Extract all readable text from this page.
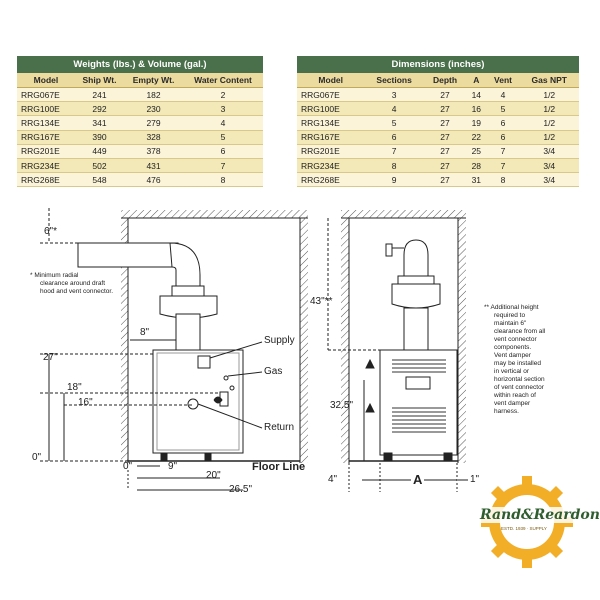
Weights (lbs.) & Volume (gal.)
Model	Ship Wt.	Empty Wt.	Water Content
RRG067E	241	182	2
RRG100E	292	230	3
RRG134E	341	279	4
RRG167E	390	328	5
RRG201E	449	378	6
RRG234E	502	431	7
RRG268E	548	476	8
Dimensions (inches)
Model	Sections	Depth	A	Vent	Gas NPT
RRG067E	3	27	14	4	1/2
RRG100E	4	27	16	5	1/2
RRG134E	5	27	19	6	1/2
RRG167E	6	27	22	6	1/2
RRG201E	7	27	25	7	3/4
RRG234E	8	27	28	7	3/4
RRG268E	9	27	31	8	3/4
6"*
* Minimum radial
clearance around draft
hood and vent connector.
8"
27"
18"
16"
0"
0"	9"
20"
26.5"
Supply
Gas
Return
Floor Line
43"**
32.5"
4"	A	1"
** Additional height
required to
maintain 6"
clearance from all
vent connector
components.
Vent damper
may be installed
in vertical or
horizontal section
of vent connector
within reach of
vent damper
harness.
Rand&Reardon
ESTD. 1939 · SUPPLY
